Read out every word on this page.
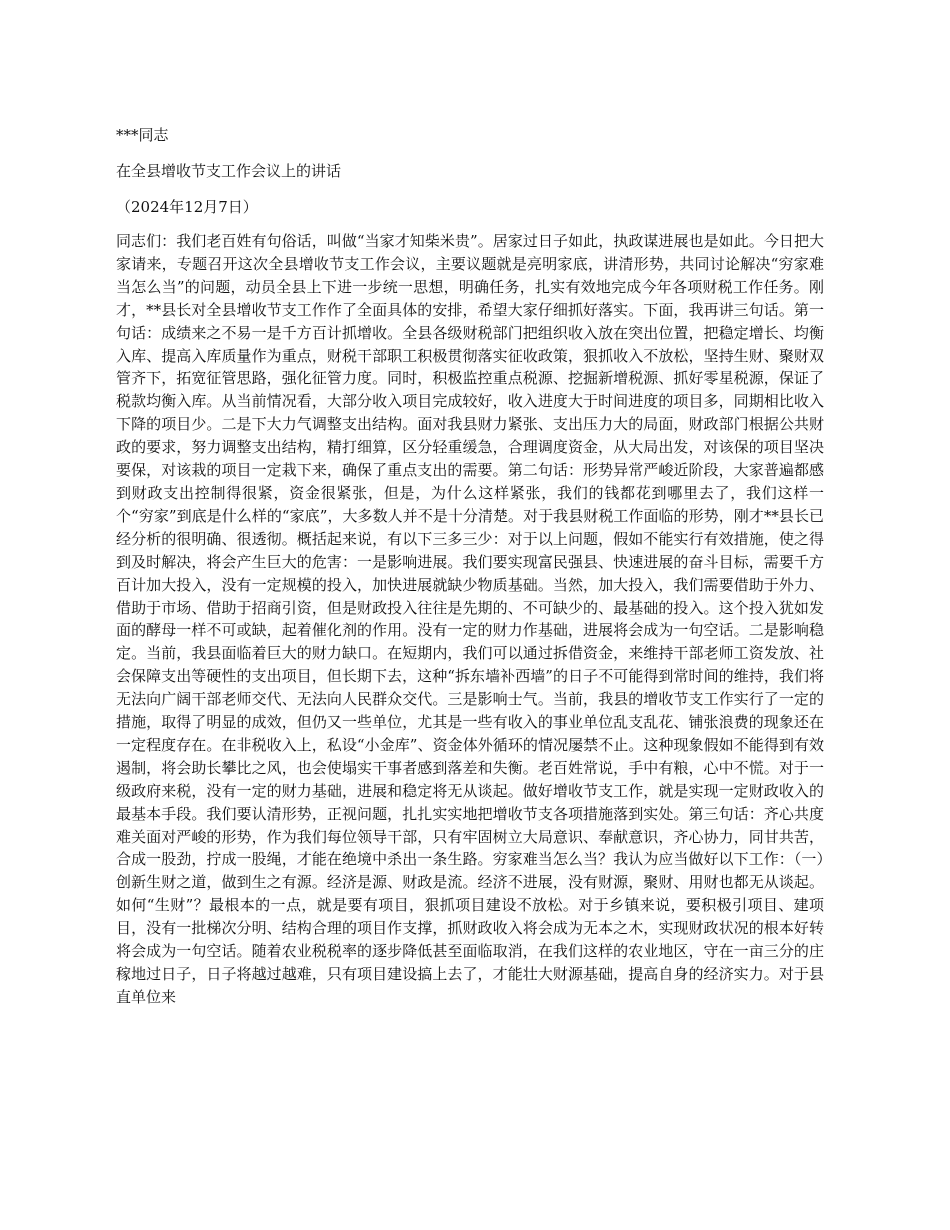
***同志

在全县增收节支工作会议上的讲话

（2024年12月7日）

同志们：我们老百姓有句俗话，叫做“当家才知柴米贵”。居家过日子如此，执政谋进展也是如此。今日把大家请来，专题召开这次全县增收节支工作会议，主要议题就是亮明家底，讲清形势，共同讨论解决“穷家难当怎么当”的问题，动员全县上下进一步统一思想，明确任务，扎实有效地完成今年各项财税工作任务。刚才，**县长对全县增收节支工作作了全面具体的安排，希望大家仔细抓好落实。下面，我再讲三句话。第一句话：成绩来之不易一是千方百计抓增收。全县各级财税部门把组织收入放在突出位置，把稳定增长、均衡入库、提高入库质量作为重点，财税干部职工积极贯彻落实征收政策，狠抓收入不放松，坚持生财、聚财双管齐下，拓宽征管思路，强化征管力度。同时，积极监控重点税源、挖掘新增税源、抓好零星税源，保证了税款均衡入库。从当前情况看，大部分收入项目完成较好，收入进度大于时间进度的项目多，同期相比收入下降的项目少。二是下大力气调整支出结构。面对我县财力紧张、支出压力大的局面，财政部门根据公共财政的要求，努力调整支出结构，精打细算，区分轻重缓急，合理调度资金，从大局出发，对该保的项目坚决要保，对该栽的项目一定栽下来，确保了重点支出的需要。第二句话：形势异常严峻近阶段，大家普遍都感到财政支出控制得很紧，资金很紧张，但是，为什么这样紧张，我们的钱都花到哪里去了，我们这样一个“穷家”到底是什么样的“家底”，大多数人并不是十分清楚。对于我县财税工作面临的形势，刚才**县长已经分析的很明确、很透彻。概括起来说，有以下三多三少：对于以上问题，假如不能实行有效措施，使之得到及时解决，将会产生巨大的危害：一是影响进展。我们要实现富民强县、快速进展的奋斗目标，需要千方百计加大投入，没有一定规模的投入，加快进展就缺少物质基础。当然，加大投入，我们需要借助于外力、借助于市场、借助于招商引资，但是财政投入往往是先期的、不可缺少的、最基础的投入。这个投入犹如发面的酵母一样不可或缺，起着催化剂的作用。没有一定的财力作基础，进展将会成为一句空话。二是影响稳定。当前，我县面临着巨大的财力缺口。在短期内，我们可以通过拆借资金，来维持干部老师工资发放、社会保障支出等硬性的支出项目，但长期下去，这种“拆东墙补西墙”的日子不可能得到常时间的维持，我们将无法向广阔干部老师交代、无法向人民群众交代。三是影响士气。当前，我县的增收节支工作实行了一定的措施，取得了明显的成效，但仍又一些单位，尤其是一些有收入的事业单位乱支乱花、铺张浪费的现象还在一定程度存在。在非税收入上，私设“小金库”、资金体外循环的情况屡禁不止。这种现象假如不能得到有效遏制，将会助长攀比之风，也会使塌实干事者感到落差和失衡。老百姓常说，手中有粮，心中不慌。对于一级政府来税，没有一定的财力基础，进展和稳定将无从谈起。做好增收节支工作，就是实现一定财政收入的最基本手段。我们要认清形势，正视问题，扎扎实实地把增收节支各项措施落到实处。第三句话：齐心共度难关面对严峻的形势，作为我们每位领导干部，只有牢固树立大局意识、奉献意识，齐心协力，同甘共苦，合成一股劲，拧成一股绳，才能在绝境中杀出一条生路。穷家难当怎么当？我认为应当做好以下工作：（一）创新生财之道，做到生之有源。经济是源、财政是流。经济不进展，没有财源，聚财、用财也都无从谈起。如何“生财”？最根本的一点，就是要有项目，狠抓项目建设不放松。对于乡镇来说，要积极引项目、建项目，没有一批梯次分明、结构合理的项目作支撑，抓财政收入将会成为无本之木，实现财政状况的根本好转将会成为一句空话。随着农业税税率的逐步降低甚至面临取消，在我们这样的农业地区，守在一亩三分的庄稼地过日子，日子将越过越难，只有项目建设搞上去了，才能壮大财源基础，提高自身的经济实力。对于县直单位来
